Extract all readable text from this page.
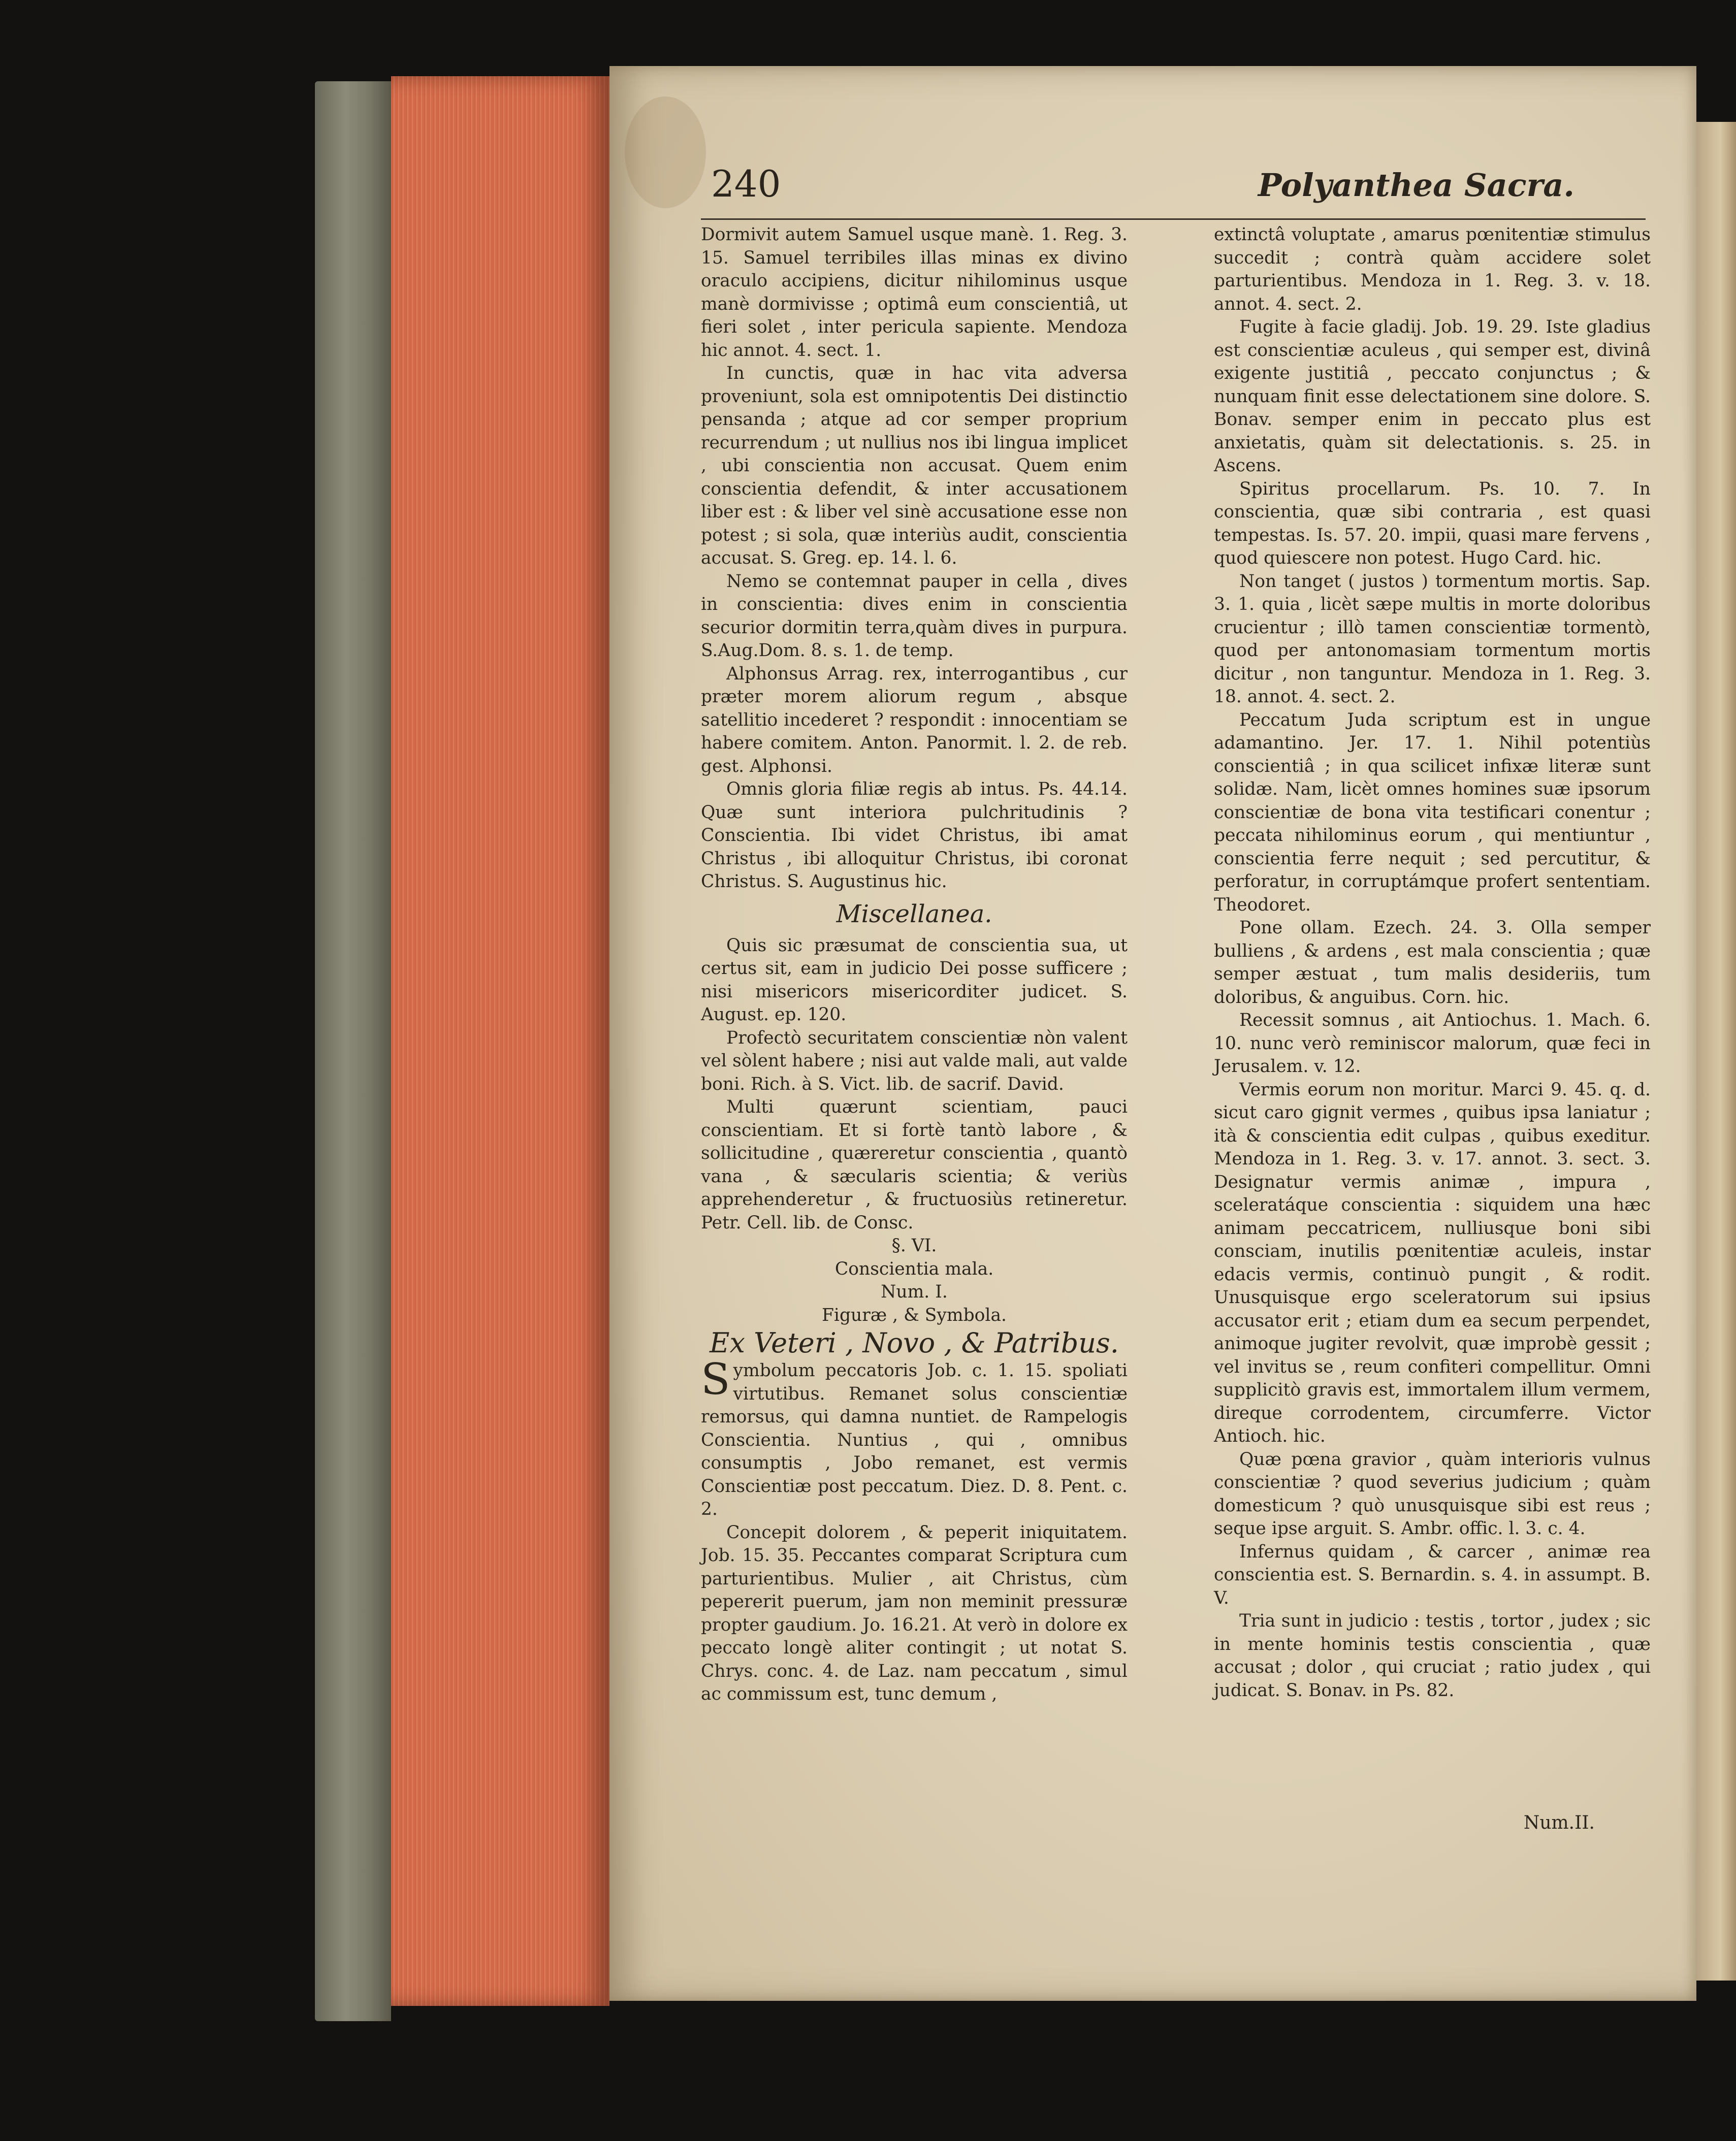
240	Polyanthea Sacra.

Dormivit autem Samuel usque manè. 1. Reg. 3. 15. Samuel terribiles illas minas ex divino oraculo accipiens, dicitur nihilominus usque manè dormivisse ; optimâ eum conscientiâ, ut fieri solet , inter pericula sapiente. Mendoza hic annot. 4. sect. 1.

In cunctis, quæ in hac vita adversa proveniunt, sola est omnipotentis Dei distinctio pensanda ; atque ad cor semper proprium recurrendum ; ut nullius nos ibi lingua implicet , ubi conscientia non accusat. Quem enim conscientia defendit, & inter accusationem liber est : & liber vel sinè accusatione esse non potest ; si sola, quæ interiùs audit, conscientia accusat. S. Greg. ep. 14. l. 6.

Nemo se contemnat pauper in cella , dives in conscientia: dives enim in conscientia securior dormitin terra,quàm dives in purpura. S.Aug.Dom. 8. s. 1. de temp.

Alphonsus Arrag. rex, interrogantibus , cur præter morem aliorum regum , absque satellitio incederet ? respondit : innocentiam se habere comitem. Anton. Panormit. l. 2. de reb. gest. Alphonsi.

Omnis gloria filiæ regis ab intus. Ps. 44.14. Quæ sunt interiora pulchritudinis ? Conscientia. Ibi videt Christus, ibi amat Christus , ibi alloquitur Christus, ibi coronat Christus. S. Augustinus hic.

Miscellanea.

Quis sic præsumat de conscientia sua, ut certus sit, eam in judicio Dei posse sufficere ; nisi misericors misericorditer judicet. S. August. ep. 120.

Profectò securitatem conscientiæ nòn valent vel sòlent habere ; nisi aut valde mali, aut valde boni. Rich. à S. Vict. lib. de sacrif. David.

Multi quærunt scientiam, pauci conscientiam. Et si fortè tantò labore , & sollicitudine , quæreretur conscientia , quantò vana , & sæcularis scientia; & veriùs apprehenderetur , & fructuosiùs retineretur. Petr. Cell. lib. de Consc.

§. VI.

Conscientia mala.

Num. I.

Figuræ , & Symbola.

Ex Veteri , Novo , & Patribus.

Symbolum peccatoris Job. c. 1. 15. spoliati virtutibus. Remanet solus conscientiæ remorsus, qui damna nuntiet. de Rampelogis Conscientia. Nuntius , qui , omnibus consumptis , Jobo remanet, est vermis Conscientiæ post peccatum. Diez. D. 8. Pent. c. 2.

Concepit dolorem , & peperit iniquitatem. Job. 15. 35. Peccantes comparat Scriptura cum parturientibus. Mulier , ait Christus, cùm pepererit puerum, jam non meminit pressuræ propter gaudium. Jo. 16.21. At verò in dolore ex peccato longè aliter contingit ; ut notat S. Chrys. conc. 4. de Laz. nam peccatum , simul ac commissum est, tunc demum ,

extinctâ voluptate , amarus pœnitentiæ stimulus succedit ; contrà quàm accidere solet parturientibus. Mendoza in 1. Reg. 3. v. 18. annot. 4. sect. 2.

Fugite à facie gladij. Job. 19. 29. Iste gladius est conscientiæ aculeus , qui semper est, divinâ exigente justitiâ , peccato conjunctus ; & nunquam finit esse delectationem sine dolore. S. Bonav. semper enim in peccato plus est anxietatis, quàm sit delectationis. s. 25. in Ascens.

Spiritus procellarum. Ps. 10. 7. In conscientia, quæ sibi contraria , est quasi tempestas. Is. 57. 20. impii, quasi mare fervens , quod quiescere non potest. Hugo Card. hic.

Non tanget ( justos ) tormentum mortis. Sap. 3. 1. quia , licèt sæpe multis in morte doloribus crucientur ; illò tamen conscientiæ tormentò, quod per antonomasiam tormentum mortis dicitur , non tanguntur. Mendoza in 1. Reg. 3. 18. annot. 4. sect. 2.

Peccatum Juda scriptum est in ungue adamantino. Jer. 17. 1. Nihil potentiùs conscientiâ ; in qua scilicet infixæ literæ sunt solidæ. Nam, licèt omnes homines suæ ipsorum conscientiæ de bona vita testificari conentur ; peccata nihilominus eorum , qui mentiuntur , conscientia ferre nequit ; sed percutitur, & perforatur, in corruptámque profert sententiam. Theodoret.

Pone ollam. Ezech. 24. 3. Olla semper bulliens , & ardens , est mala conscientia ; quæ semper æstuat , tum malis desideriis, tum doloribus, & anguibus. Corn. hic.

Recessit somnus , ait Antiochus. 1. Mach. 6. 10. nunc verò reminiscor malorum, quæ feci in Jerusalem. v. 12.

Vermis eorum non moritur. Marci 9. 45. q. d. sicut caro gignit vermes , quibus ipsa laniatur ; ità & conscientia edit culpas , quibus exeditur. Mendoza in 1. Reg. 3. v. 17. annot. 3. sect. 3. Designatur vermis animæ , impura , sceleratáque conscientia : siquidem una hæc animam peccatricem, nulliusque boni sibi consciam, inutilis pœnitentiæ aculeis, instar edacis vermis, continuò pungit , & rodit. Unusquisque ergo sceleratorum sui ipsius accusator erit ; etiam dum ea secum perpendet, animoque jugiter revolvit, quæ improbè gessit ; vel invitus se , reum confiteri compellitur. Omni supplicitò gravis est, immortalem illum vermem, direque corrodentem, circumferre. Victor Antioch. hic.

Quæ pœna gravior , quàm interioris vulnus conscientiæ ? quod severius judicium ; quàm domesticum ? quò unusquisque sibi est reus ; seque ipse arguit. S. Ambr. offic. l. 3. c. 4.

Infernus quidam , & carcer , animæ rea conscientia est. S. Bernardin. s. 4. in assumpt. B. V.

Tria sunt in judicio : testis , tortor , judex ; sic in mente hominis testis conscientia , quæ accusat ; dolor , qui cruciat ; ratio judex , qui judicat. S. Bonav. in Ps. 82.

Num.II.
